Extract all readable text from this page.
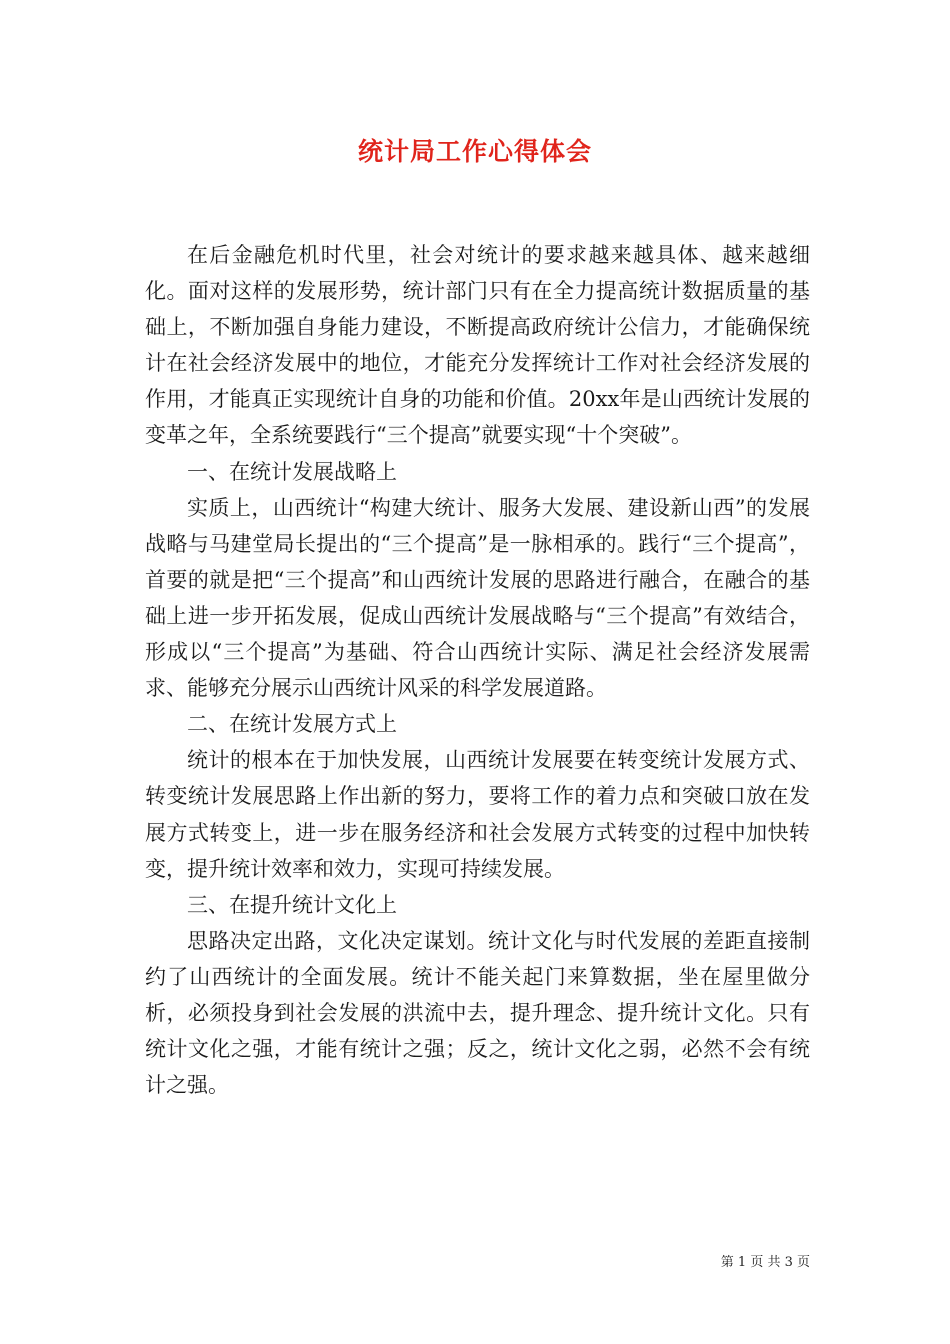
统计局工作心得体会

在后金融危机时代里，社会对统计的要求越来越具体、越来越细化。面对这样的发展形势，统计部门只有在全力提高统计数据质量的基础上，不断加强自身能力建设，不断提高政府统计公信力，才能确保统计在社会经济发展中的地位，才能充分发挥统计工作对社会经济发展的作用，才能真正实现统计自身的功能和价值。20xx年是山西统计发展的变革之年，全系统要践行“三个提高”就要实现“十个突破”。

一、在统计发展战略上

实质上，山西统计“构建大统计、服务大发展、建设新山西”的发展战略与马建堂局长提出的“三个提高”是一脉相承的。践行“三个提高”，首要的就是把“三个提高”和山西统计发展的思路进行融合，在融合的基础上进一步开拓发展，促成山西统计发展战略与“三个提高”有效结合，形成以“三个提高”为基础、符合山西统计实际、满足社会经济发展需求、能够充分展示山西统计风采的科学发展道路。

二、在统计发展方式上

统计的根本在于加快发展，山西统计发展要在转变统计发展方式、转变统计发展思路上作出新的努力，要将工作的着力点和突破口放在发展方式转变上，进一步在服务经济和社会发展方式转变的过程中加快转变，提升统计效率和效力，实现可持续发展。

三、在提升统计文化上

思路决定出路，文化决定谋划。统计文化与时代发展的差距直接制约了山西统计的全面发展。统计不能关起门来算数据，坐在屋里做分析，必须投身到社会发展的洪流中去，提升理念、提升统计文化。只有统计文化之强，才能有统计之强；反之，统计文化之弱，必然不会有统计之强。

第 1 页 共 3 页
